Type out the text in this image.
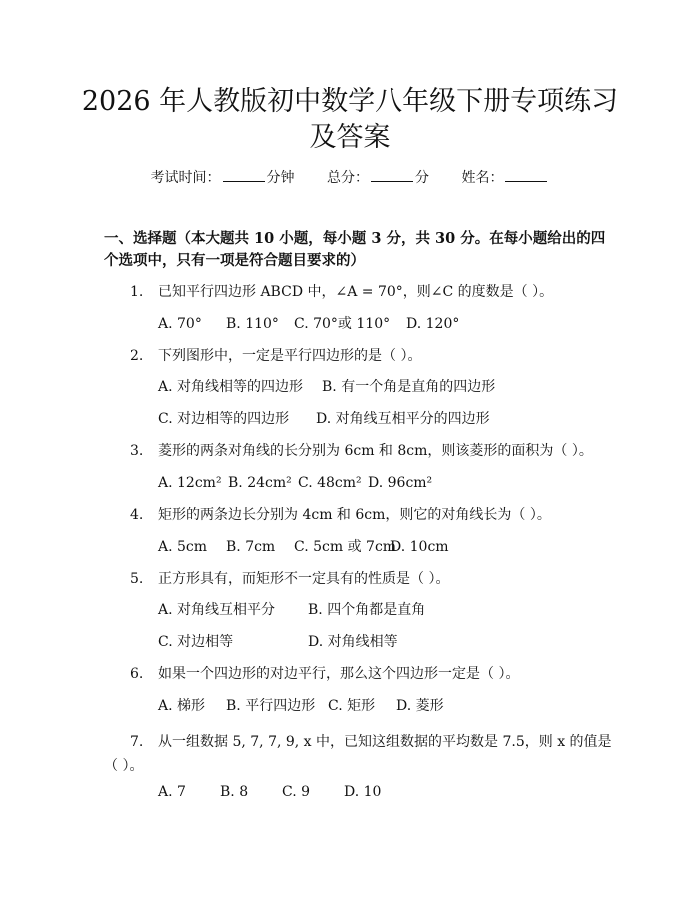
2026 年人教版初中数学八年级下册专项练习
及答案
考试时间：	分钟 总分：	分 姓名：
一、选择题（本大题共 10 小题，每小题 3 分，共 30 分。在每小题给出的四个选项中，只有一项是符合题目要求的）
1. 已知平行四边形 ABCD 中，∠A = 70°，则∠C 的度数是（ ）。
A. 70° B. 110° C. 70°或 110° D. 120°
2. 下列图形中，一定是平行四边形的是（ ）。
A. 对角线相等的四边形 B. 有一个角是直角的四边形
C. 对边相等的四边形 D. 对角线互相平分的四边形
3. 菱形的两条对角线的长分别为 6cm 和 8cm，则该菱形的面积为（ ）。
A. 12cm² B. 24cm² C. 48cm² D. 96cm²
4. 矩形的两条边长分别为 4cm 和 6cm，则它的对角线长为（ ）。
A. 5cm B. 7cm C. 5cm 或 7cmD. 10cm
5. 正方形具有，而矩形不一定具有的性质是（ ）。
A. 对角线互相平分 B. 四个角都是直角
C. 对边相等	D. 对角线相等
6. 如果一个四边形的对边平行，那么这个四边形一定是（ ）。
A. 梯形 B. 平行四边形 C. 矩形 D. 菱形
7. 从一组数据 5, 7, 7, 9, x 中，已知这组数据的平均数是 7.5，则 x 的值是（ ）。
A. 7 B. 8 C. 9 D. 10
